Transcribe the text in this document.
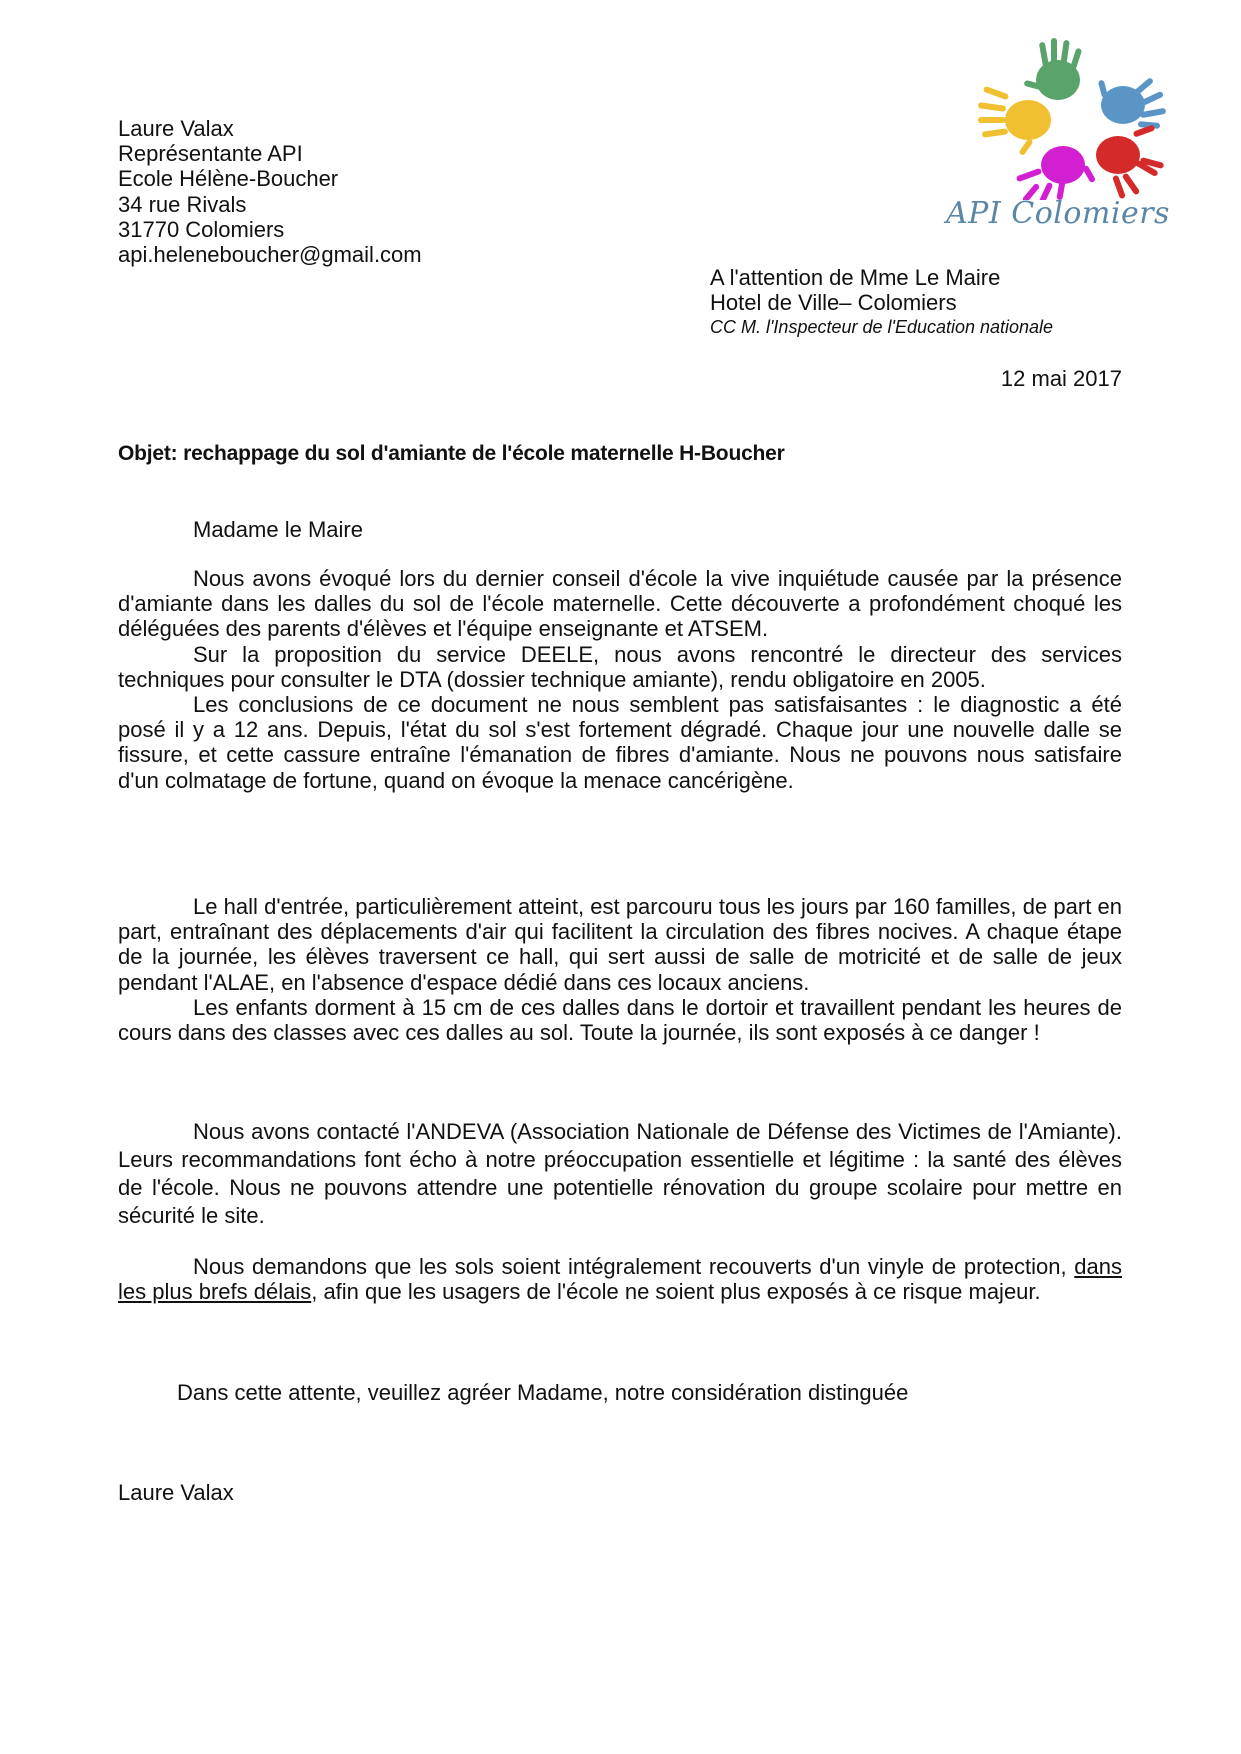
API Colomiers
Laure Valax
Représentante API
Ecole Hélène-Boucher
34 rue Rivals
31770 Colomiers
api.heleneboucher@gmail.com
A l'attention de Mme Le Maire
Hotel de Ville– Colomiers
CC M. l'Inspecteur de l'Education nationale
12 mai 2017
Objet: rechappage du sol d'amiante de l'école maternelle H-Boucher
Madame le Maire

Nous avons évoqué lors du dernier conseil d'école la vive inquiétude causée par la présence d'amiante dans les dalles du sol de l'école maternelle. Cette découverte a profondément choqué les déléguées des parents d'élèves et l'équipe enseignante et ATSEM.

Sur la proposition du service DEELE, nous avons rencontré le directeur des services techniques pour consulter le DTA (dossier technique amiante), rendu obligatoire en 2005.

Les conclusions de ce document ne nous semblent pas satisfaisantes : le diagnostic a été posé il y a 12 ans. Depuis, l'état du sol s'est fortement dégradé. Chaque jour une nouvelle dalle se fissure, et cette cassure entraîne l'émanation de fibres d'amiante. Nous ne pouvons nous satisfaire d'un colmatage de fortune, quand on évoque la menace cancérigène.

Le hall d'entrée, particulièrement atteint, est parcouru tous les jours par 160 familles, de part en part, entraînant des déplacements d'air qui facilitent la circulation des fibres nocives. A chaque étape de la journée, les élèves traversent ce hall, qui sert aussi de salle de motricité et de salle de jeux pendant l'ALAE, en l'absence d'espace dédié dans ces locaux anciens.

Les enfants dorment à 15 cm de ces dalles dans le dortoir et travaillent pendant les heures de cours dans des classes avec ces dalles au sol. Toute la journée, ils sont exposés à ce danger !

Nous avons contacté l'ANDEVA (Association Nationale de Défense des Victimes de l'Amiante). Leurs recommandations font écho à notre préoccupation essentielle et légitime : la santé des élèves de l'école. Nous ne pouvons attendre une potentielle rénovation du groupe scolaire pour mettre en sécurité le site.

Nous demandons que les sols soient intégralement recouverts d'un vinyle de protection, dans les plus brefs délais, afin que les usagers de l'école ne soient plus exposés à ce risque majeur.

Dans cette attente, veuillez agréer Madame, notre considération distinguée
Laure Valax
